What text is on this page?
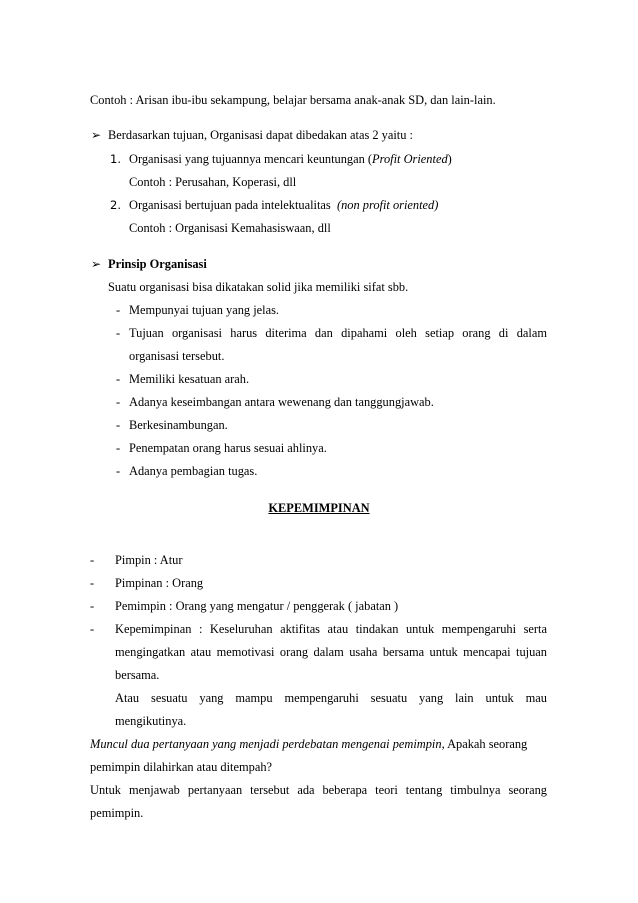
Contoh : Arisan ibu-ibu sekampung, belajar bersama anak-anak SD, dan lain-lain.
➢ Berdasarkan tujuan, Organisasi dapat dibedakan atas 2 yaitu :
1. Organisasi yang tujuannya mencari keuntungan (Profit Oriented)
Contoh : Perusahan, Koperasi, dll
2. Organisasi bertujuan pada intelektualitas (non profit oriented)
Contoh : Organisasi Kemahasiswaan, dll
➢ Prinsip Organisasi
Suatu organisasi bisa dikatakan solid jika memiliki sifat sbb.
- Mempunyai tujuan yang jelas.
- Tujuan organisasi harus diterima dan dipahami oleh setiap orang di dalam
organisasi tersebut.
- Memiliki kesatuan arah.
- Adanya keseimbangan antara wewenang dan tanggungjawab.
- Berkesinambungan.
- Penempatan orang harus sesuai ahlinya.
- Adanya pembagian tugas.
KEPEMIMPINAN
- Pimpin : Atur
- Pimpinan : Orang
- Pemimpin : Orang yang mengatur / penggerak ( jabatan )
- Kepemimpinan : Keseluruhan aktifitas atau tindakan untuk mempengaruhi serta
mengingatkan atau memotivasi orang dalam usaha bersama untuk mencapai tujuan
bersama.
Atau sesuatu yang mampu mempengaruhi sesuatu yang lain untuk mau
mengikutinya.
Muncul dua pertanyaan yang menjadi perdebatan mengenai pemimpin, Apakah seorang
pemimpin dilahirkan atau ditempah?
Untuk menjawab pertanyaan tersebut ada beberapa teori tentang timbulnya seorang
pemimpin.
